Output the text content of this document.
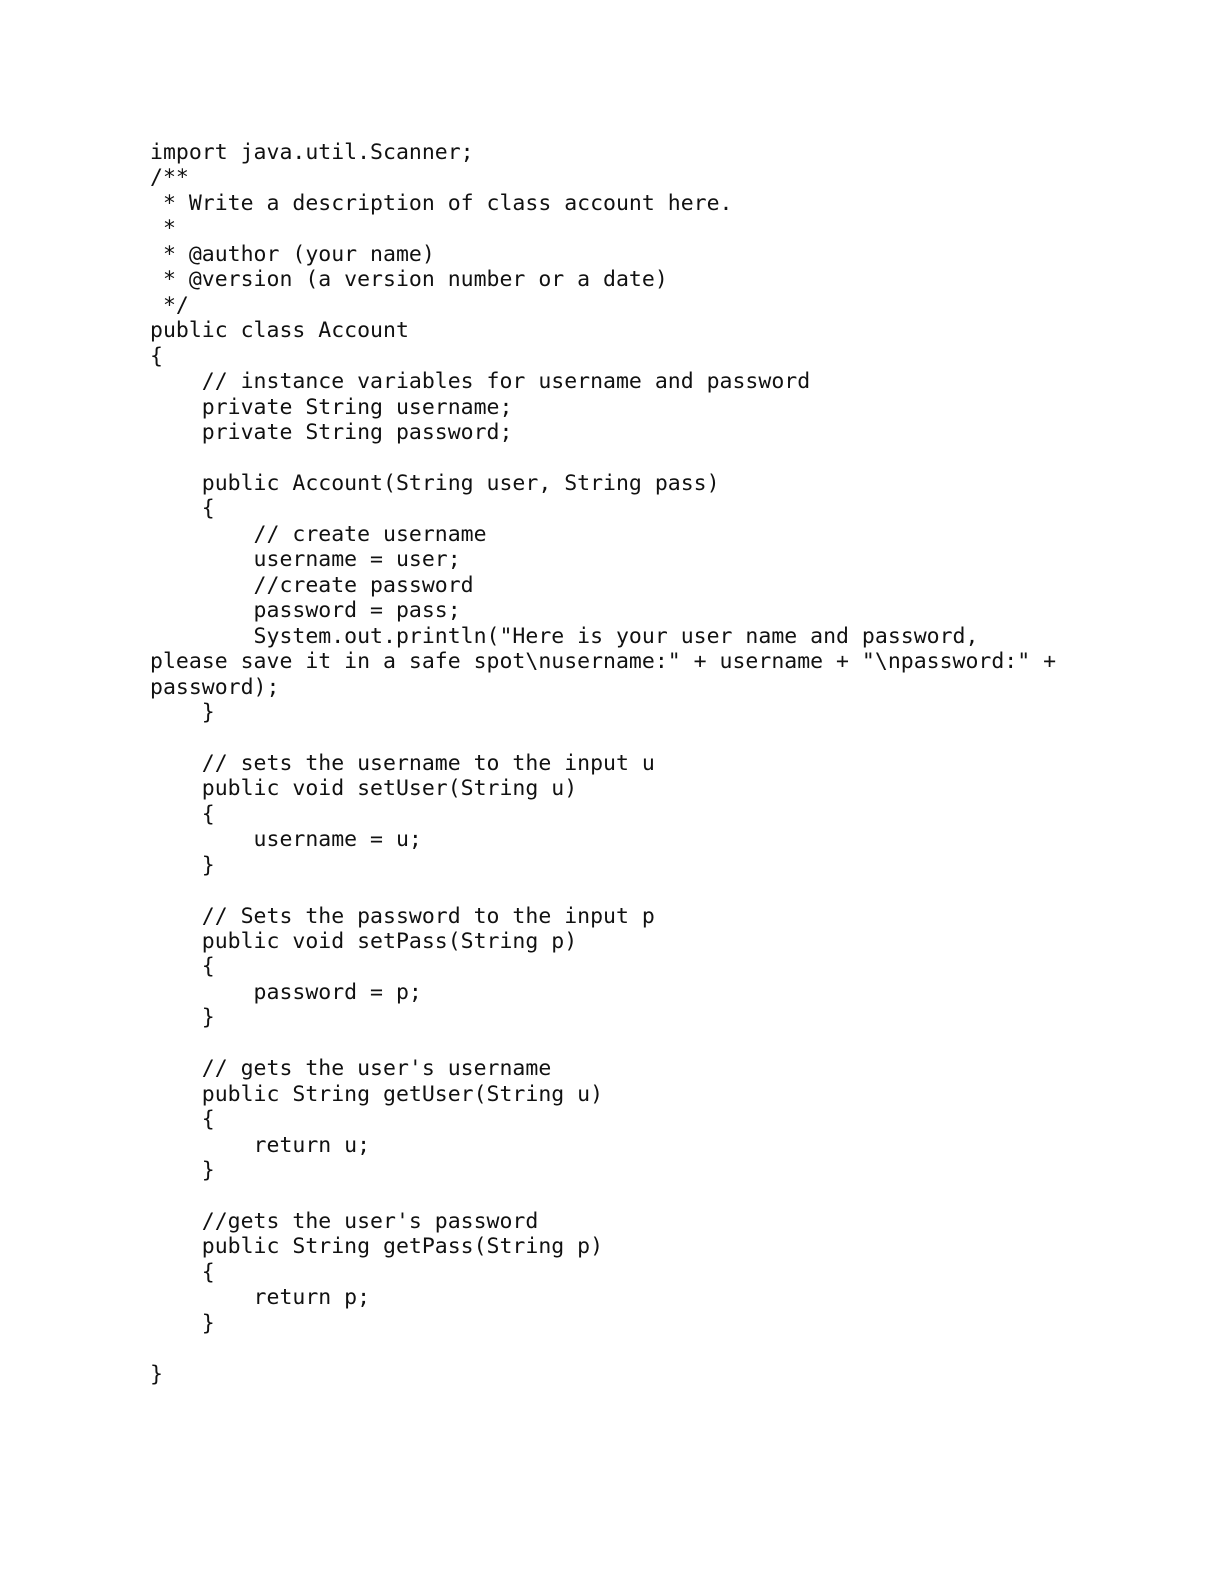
import java.util.Scanner;
/**
* Write a description of class account here.
*
* @author (your name)
* @version (a version number or a date)
*/
public class Account
{
// instance variables for username and password
private String username;
private String password;
public Account(String user, String pass)
{
// create username
username = user;
//create password
password = pass;
System.out.println("Here is your user name and password,
please save it in a safe spot\nusername:" + username + "\npassword:" +
password);
}
// sets the username to the input u
public void setUser(String u)
{
username = u;
}
// Sets the password to the input p
public void setPass(String p)
{
password = p;
}
// gets the user's username
public String getUser(String u)
{
return u;
}
//gets the user's password
public String getPass(String p)
{
return p;
}
}
